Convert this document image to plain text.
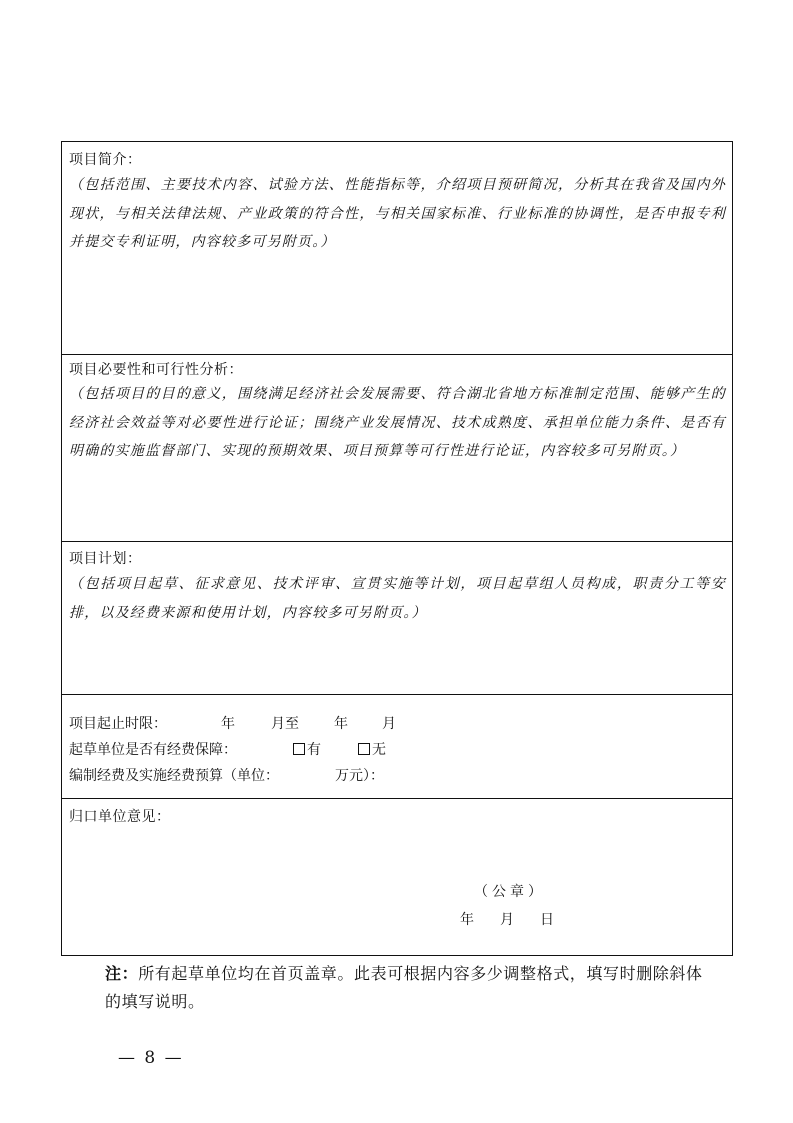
项目简介：

（包括范围、主要技术内容、试验方法、性能指标等，介绍项目预研简况，分析其在我省及国内外现状，与相关法律法规、产业政策的符合性，与相关国家标准、行业标准的协调性，是否申报专利并提交专利证明，内容较多可另附页。）

项目必要性和可行性分析：

（包括项目的目的意义，围绕满足经济社会发展需要、符合湖北省地方标准制定范围、能够产生的经济社会效益等对必要性进行论证；围绕产业发展情况、技术成熟度、承担单位能力条件、是否有明确的实施监督部门、实现的预期效果、项目预算等可行性进行论证，内容较多可另附页。）

项目计划：

（包括项目起草、征求意见、技术评审、宣贯实施等计划，项目起草组人员构成，职责分工等安排，以及经费来源和使用计划，内容较多可另附页。）

项目起止时限：	年	月至	年 月
起草单位是否有经费保障：	有	无
编制经费及实施经费预算（单位：	万元）：

归口单位意见：

（公章）
年 月 日
注：所有起草单位均在首页盖章。此表可根据内容多少调整格式，填写时删除斜体的填写说明。
— 8 —
